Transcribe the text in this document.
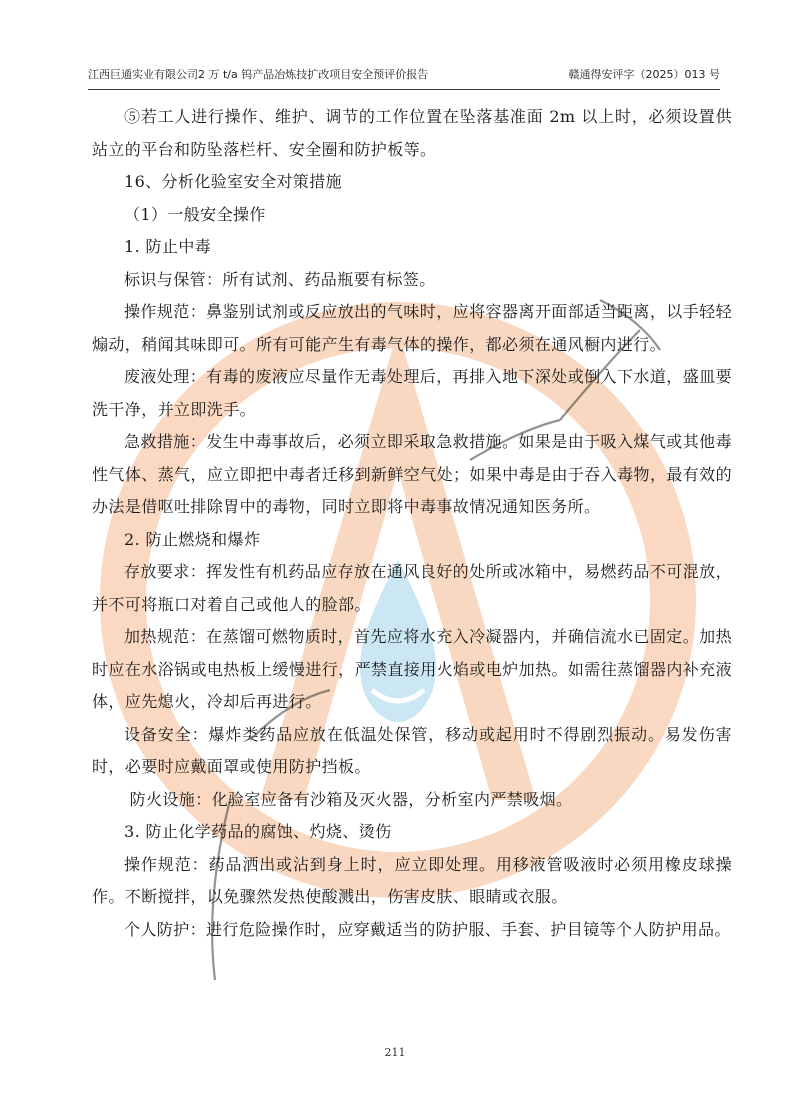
江西巨通实业有限公司2 万 t/a 钨产品冶炼技扩改项目安全预评价报告	赣通得安评字（2025）013 号

⑤若工人进行操作、维护、调节的工作位置在坠落基准面 2m 以上时，必须设置供站立的平台和防坠落栏杆、安全圈和防护板等。

16、分析化验室安全对策措施

（1）一般安全操作

1. 防止中毒

标识与保管：所有试剂、药品瓶要有标签。

操作规范：鼻鉴别试剂或反应放出的气味时，应将容器离开面部适当距离，以手轻轻煽动，稍闻其味即可。所有可能产生有毒气体的操作，都必须在通风橱内进行。

废液处理：有毒的废液应尽量作无毒处理后，再排入地下深处或倒入下水道，盛皿要洗干净，并立即洗手。

急救措施：发生中毒事故后，必须立即采取急救措施。如果是由于吸入煤气或其他毒性气体、蒸气，应立即把中毒者迁移到新鲜空气处；如果中毒是由于吞入毒物，最有效的办法是借呕吐排除胃中的毒物，同时立即将中毒事故情况通知医务所。

2. 防止燃烧和爆炸

存放要求：挥发性有机药品应存放在通风良好的处所或冰箱中，易燃药品不可混放，并不可将瓶口对着自己或他人的脸部。

加热规范：在蒸馏可燃物质时，首先应将水充入冷凝器内，并确信流水已固定。加热时应在水浴锅或电热板上缓慢进行，严禁直接用火焰或电炉加热。如需往蒸馏器内补充液体，应先熄火，冷却后再进行。

设备安全：爆炸类药品应放在低温处保管，移动或起用时不得剧烈振动。易发伤害时，必要时应戴面罩或使用防护挡板。

防火设施：化验室应备有沙箱及灭火器，分析室内严禁吸烟。

3. 防止化学药品的腐蚀、灼烧、烫伤

操作规范：药品洒出或沾到身上时，应立即处理。用移液管吸液时必须用橡皮球操作。不断搅拌，以免骤然发热使酸溅出，伤害皮肤、眼睛或衣服。

个人防护：进行危险操作时，应穿戴适当的防护服、手套、护目镜等个人防护用品。

211
